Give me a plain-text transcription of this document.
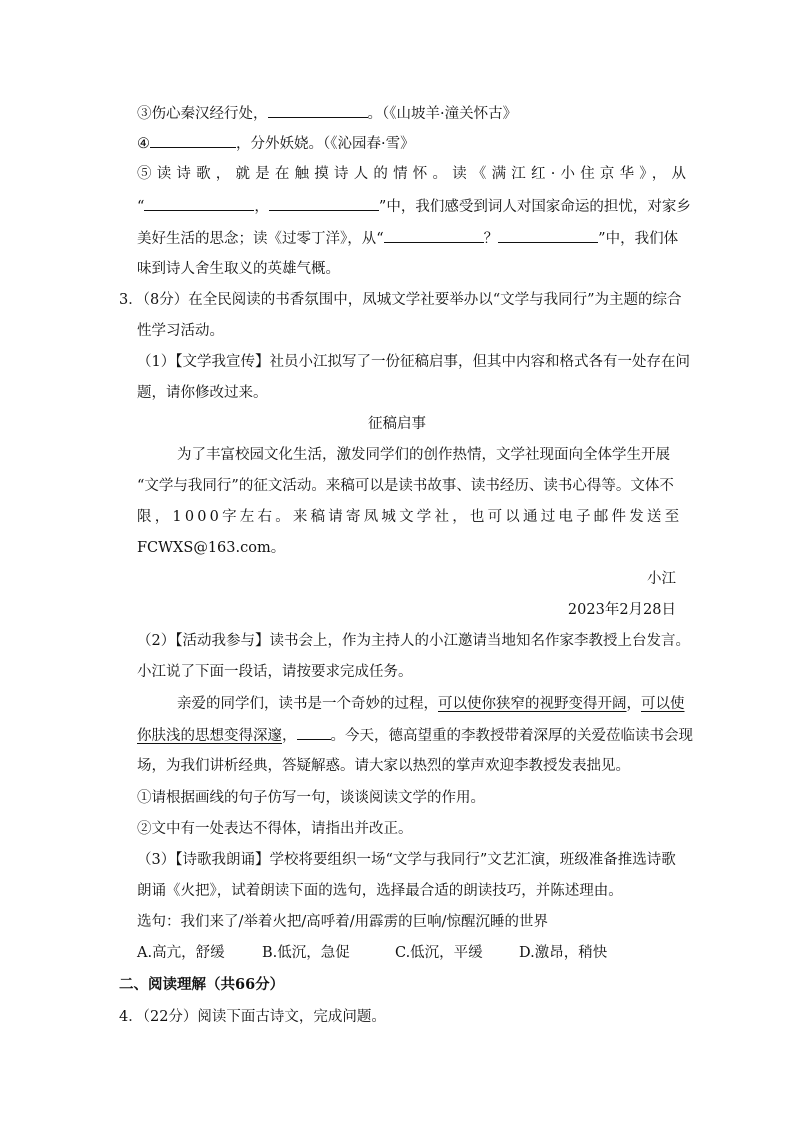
③伤心秦汉经行处，	。（《山坡羊·潼关怀古》
④	，分外妖娆。（《沁园春·雪》
⑤读诗歌，就是在触摸诗人的情怀。读《满江红·小住京华》，从
“	，	”中，我们感受到词人对国家命运的担忧，对家乡
美好生活的思念；读《过零丁洋》，从“	？	”中，我们体
味到诗人舍生取义的英雄气概。
3．（8分）在全民阅读的书香氛围中，凤城文学社要举办以“文学与我同行”为主题的综合
性学习活动。
（1）【文学我宣传】社员小江拟写了一份征稿启事，但其中内容和格式各有一处存在问
题，请你修改过来。
征稿启事
为了丰富校园文化生活，激发同学们的创作热情，文学社现面向全体学生开展
“文学与我同行”的征文活动。来稿可以是读书故事、读书经历、读书心得等。文体不
限，1000字左右。来稿请寄凤城文学社，也可以通过电子邮件发送至
FCWXS@163.com。
小江
2023年2月28日
（2）【活动我参与】读书会上，作为主持人的小江邀请当地知名作家李教授上台发言。
小江说了下面一段话，请按要求完成任务。
亲爱的同学们，读书是一个奇妙的过程，可以使你狭窄的视野变得开阔，可以使
你肤浅的思想变得深邃， 。今天，德高望重的李教授带着深厚的关爱莅临读书会现
场，为我们讲析经典，答疑解惑。请大家以热烈的掌声欢迎李教授发表拙见。
①请根据画线的句子仿写一句，谈谈阅读文学的作用。
②文中有一处表达不得体，请指出并改正。
（3）【诗歌我朗诵】学校将要组织一场“文学与我同行”文艺汇演，班级准备推选诗歌
朗诵《火把》，试着朗读下面的选句，选择最合适的朗读技巧，并陈述理由。
选句：我们来了/举着火把/高呼着/用霹雳的巨响/惊醒沉睡的世界
A.高亢，舒缓	B.低沉，急促	C.低沉，平缓	D.激昂，稍快
二、阅读理解（共66分）
4．（22分）阅读下面古诗文，完成问题。
